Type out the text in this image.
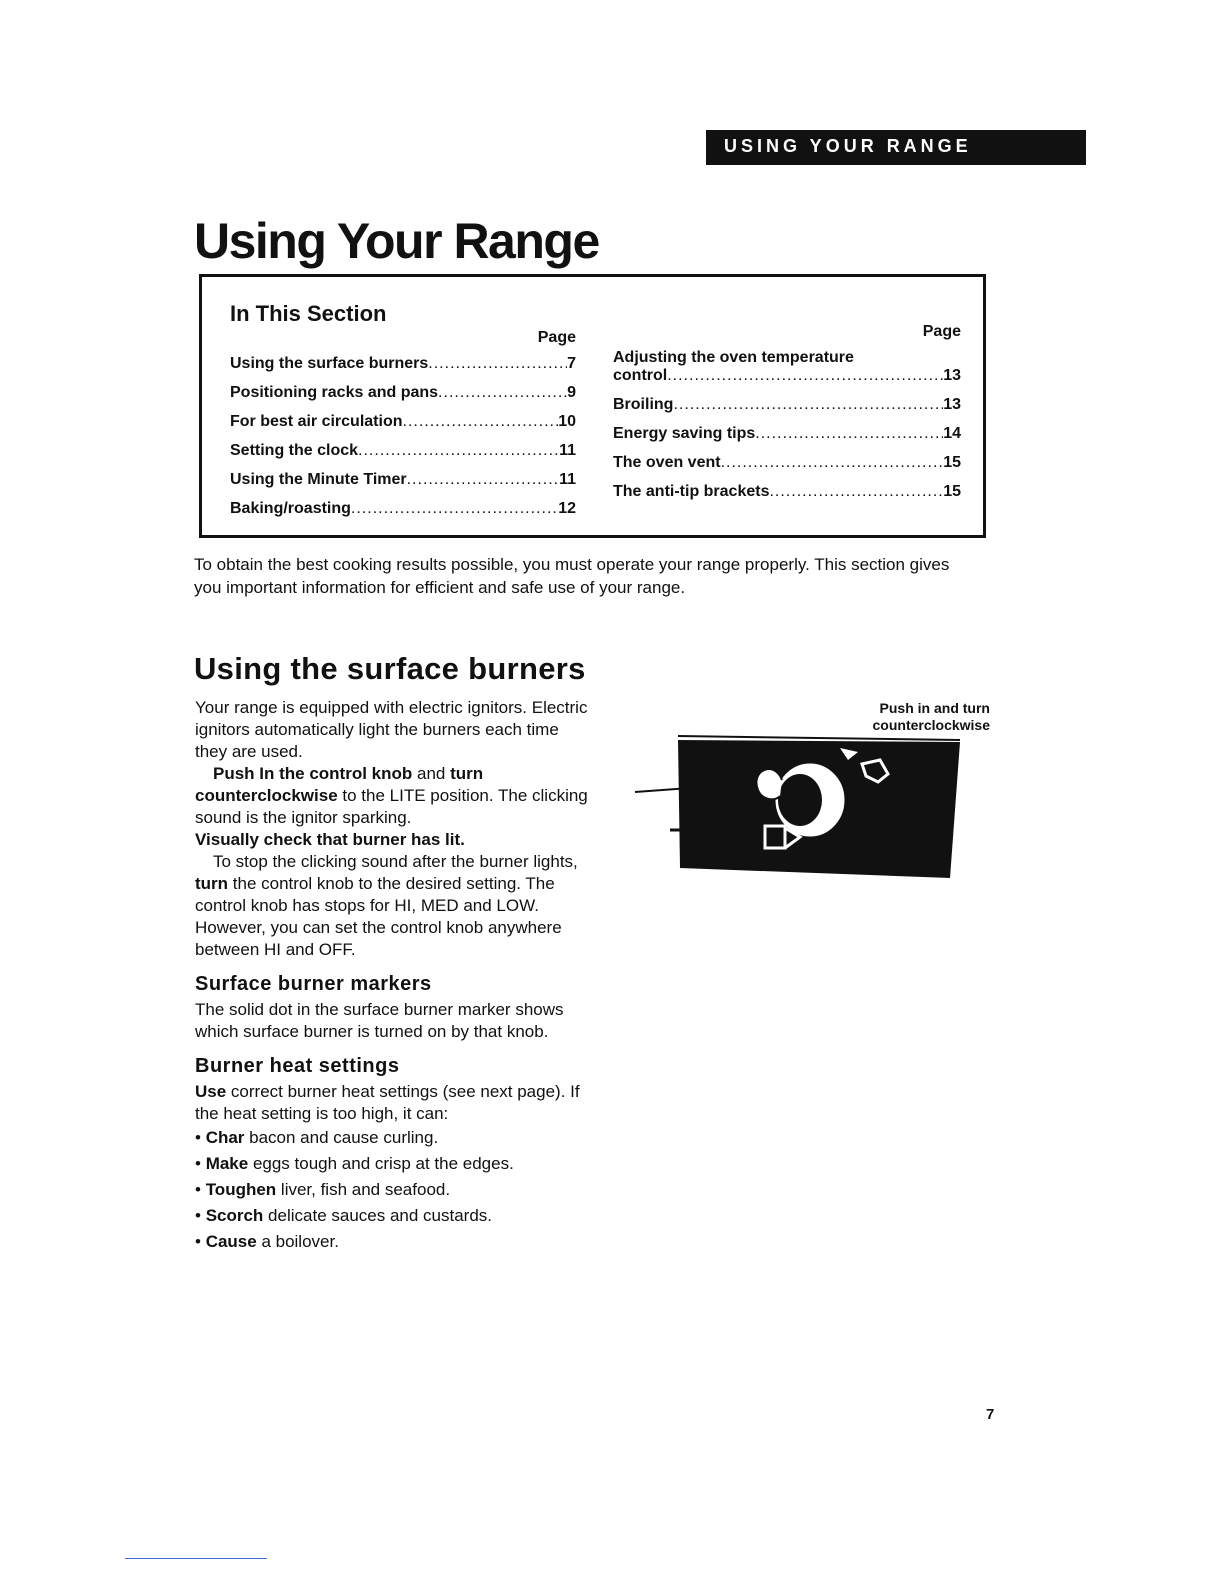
USING YOUR RANGE
Using Your Range
In This Section
Page
Using the surface burners .....	7
Positioning racks and pans .....	9
For best air circulation .....	10
Setting the clock .....	11
Using the Minute Timer .....	11
Baking/roasting .....	12
Page
Adjusting the oven temperature
control .....	13
Broiling .....	13
Energy saving tips .....	14
The oven vent .....	15
The anti-tip brackets .....	15
To obtain the best cooking results possible, you must operate your range properly. This section gives you important information for efficient and safe use of your range.
Using the surface burners

Your range is equipped with electric ignitors. Electric ignitors automatically light the burners each time they are used.

Push In the control knob and turn counterclockwise to the LITE position. The clicking sound is the ignitor sparking.

Visually check that burner has lit.

To stop the clicking sound after the burner lights, turn the control knob to the desired setting. The control knob has stops for HI, MED and LOW. However, you can set the control knob anywhere between HI and OFF.

Surface burner markers

The solid dot in the surface burner marker shows which surface burner is turned on by that knob.

Burner heat settings

Use correct burner heat settings (see next page). If the heat setting is too high, it can:

• Char bacon and cause curling.
• Make eggs tough and crisp at the edges.
• Toughen liver, fish and seafood.
• Scorch delicate sauces and custards.
• Cause a boilover.
Push in and turn counterclockwise
7
